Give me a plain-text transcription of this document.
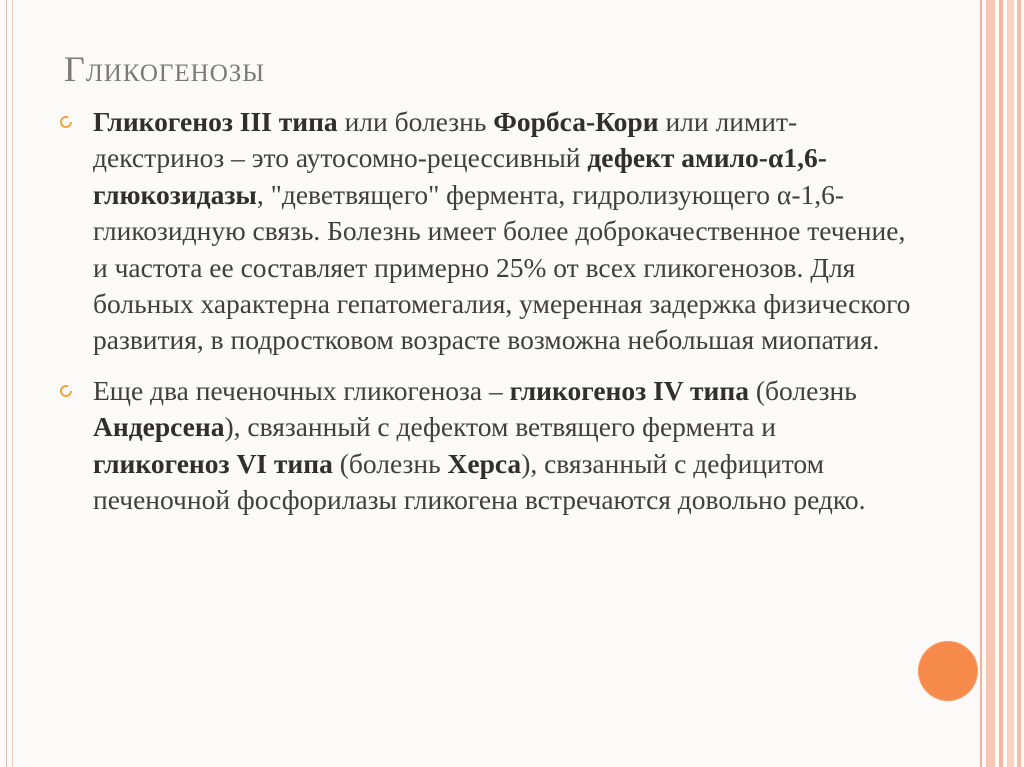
Гликогенозы
Гликогеноз III типа или болезнь Форбса-Кори или лимит-декстриноз – это аутосомно-рецессивный дефект амило-α1,6-глюкозидазы, "деветвящего" фермента, гидролизующего α-1,6-гликозидную связь. Болезнь имеет более доброкачественное течение, и частота ее составляет примерно 25% от всех гликогенозов. Для больных характерна гепатомегалия, умеренная задержка физического развития, в подростковом возрасте возможна небольшая миопатия.
Еще два печеночных гликогеноза – гликогеноз IV типа (болезнь Андерсена), связанный с дефектом ветвящего фермента и гликогеноз VI типа (болезнь Херса), связанный с дефицитом печеночной фосфорилазы гликогена встречаются довольно редко.
